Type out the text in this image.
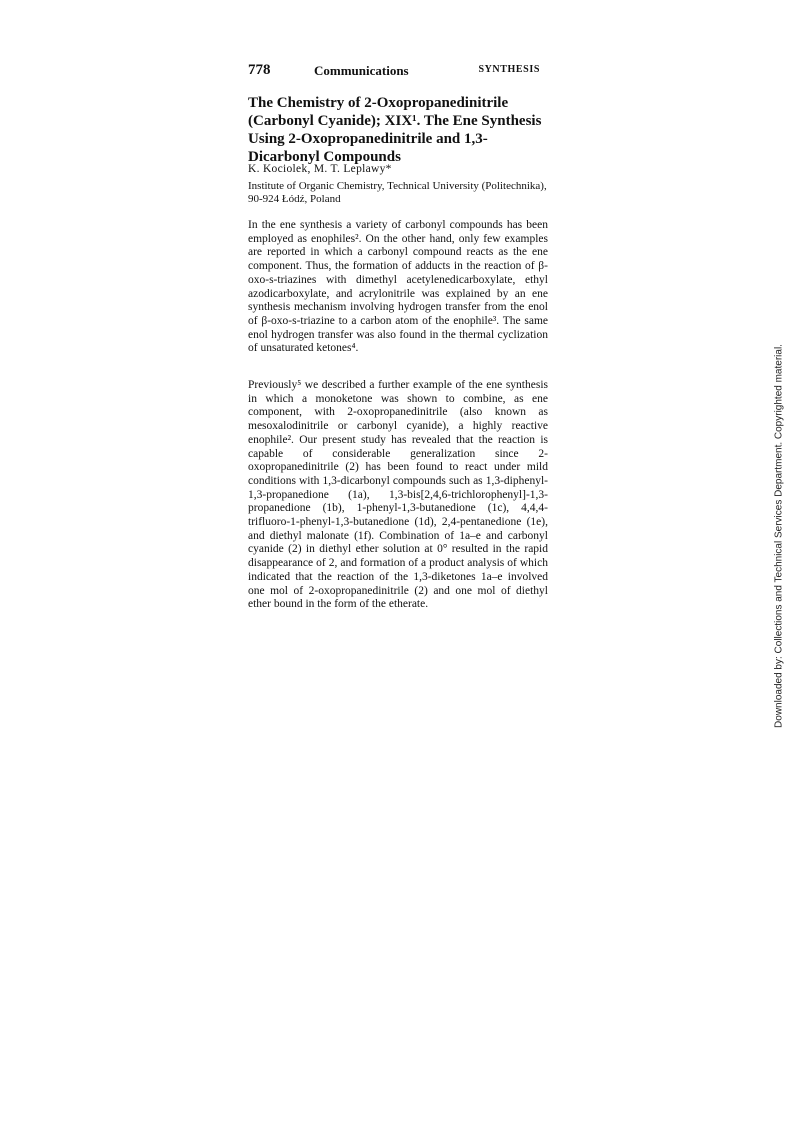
778	Communications	SYNTHESIS
The Chemistry of 2-Oxopropanedinitrile (Carbonyl Cyanide); XIX¹. The Ene Synthesis Using 2-Oxopropanedinitrile and 1,3-Dicarbonyl Compounds
K. Kociolek, M. T. Leplawy*
Institute of Organic Chemistry, Technical University (Politechnika), 90-924 Łódź, Poland

In the ene synthesis a variety of carbonyl compounds has been employed as enophiles². On the other hand, only few examples are reported in which a carbonyl compound reacts as the ene component. Thus, the formation of adducts in the reaction of β-oxo-s-triazines with dimethyl acetylenedicarboxylate, ethyl azodicarboxylate, and acrylonitrile was explained by an ene synthesis mechanism involving hydrogen transfer from the enol of β-oxo-s-triazine to a carbon atom of the enophile³. The same enol hydrogen transfer was also found in the thermal cyclization of unsaturated ketones⁴.

Previously⁵ we described a further example of the ene synthesis in which a monoketone was shown to combine, as ene component, with 2-oxopropanedinitrile (also known as mesoxalodinitrile or carbonyl cyanide), a highly reactive enophile². Our present study has revealed that the reaction is capable of considerable generalization since 2-oxopropanedinitrile (2) has been found to react under mild conditions with 1,3-dicarbonyl compounds such as 1,3-diphenyl-1,3-propanedione (1a), 1,3-bis[2,4,6-trichlorophenyl]-1,3-propanedione (1b), 1-phenyl-1,3-butanedione (1c), 4,4,4-trifluoro-1-phenyl-1,3-butanedione (1d), 2,4-pentanedione (1e), and diethyl malonate (1f). Combination of 1a–e and carbonyl cyanide (2) in diethyl ether solution at 0° resulted in the rapid disappearance of 2, and formation of a product analysis of which indicated that the reaction of the 1,3-diketones 1a–e involved one mol of 2-oxopropanedinitrile (2) and one mol of diethyl ether bound in the form of the etherate.	Downloaded by: Collections and Technical Services Department. Copyrighted material.
